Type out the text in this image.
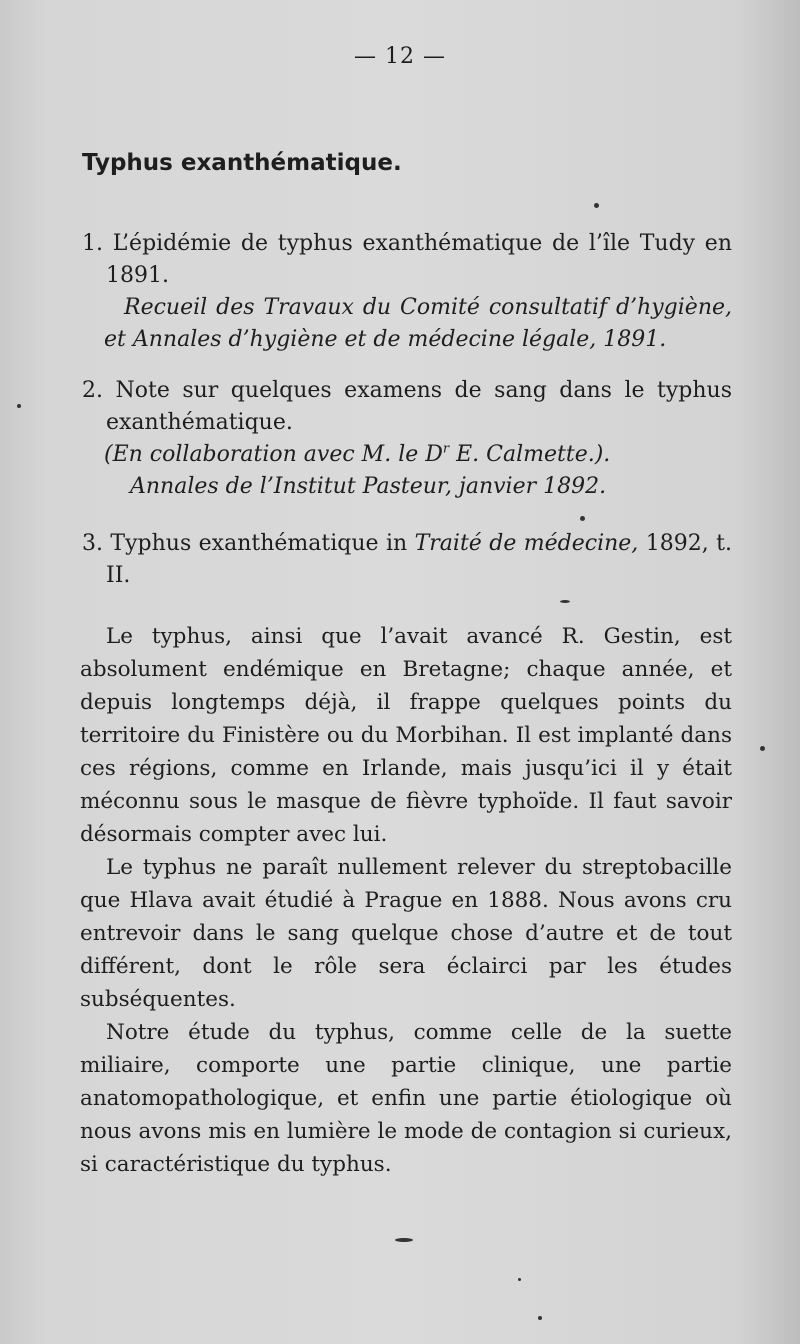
— 12 —
Typhus exanthématique.

1. L’épidémie de typhus exanthématique de l’île Tudy en 1891.

Recueil des Travaux du Comité consultatif d’hygiène, et Annales d’hygiène et de médecine légale, 1891.

2. Note sur quelques examens de sang dans le typhus exanthématique.

(En collaboration avec M. le $D^r$ E. Calmette.).

Annales de l’Institut Pasteur, janvier 1892.

3. Typhus exanthématique in Traité de médecine, 1892, t. II.

Le typhus, ainsi que l’avait avancé R. Gestin, est absolument endémique en Bretagne; chaque année, et depuis longtemps déjà, il frappe quelques points du territoire du Finistère ou du Morbihan. Il est implanté dans ces régions, comme en Irlande, mais jusqu’ici il y était méconnu sous le masque de fièvre typhoïde. Il faut savoir désormais compter avec lui.

Le typhus ne paraît nullement relever du streptobacille que Hlava avait étudié à Prague en 1888. Nous avons cru entrevoir dans le sang quelque chose d’autre et de tout différent, dont le rôle sera éclairci par les études subséquentes.

Notre étude du typhus, comme celle de la suette miliaire, comporte une partie clinique, une partie anatomopathologique, et enfin une partie étiologique où nous avons mis en lumière le mode de contagion si curieux, si caractéristique du typhus.
